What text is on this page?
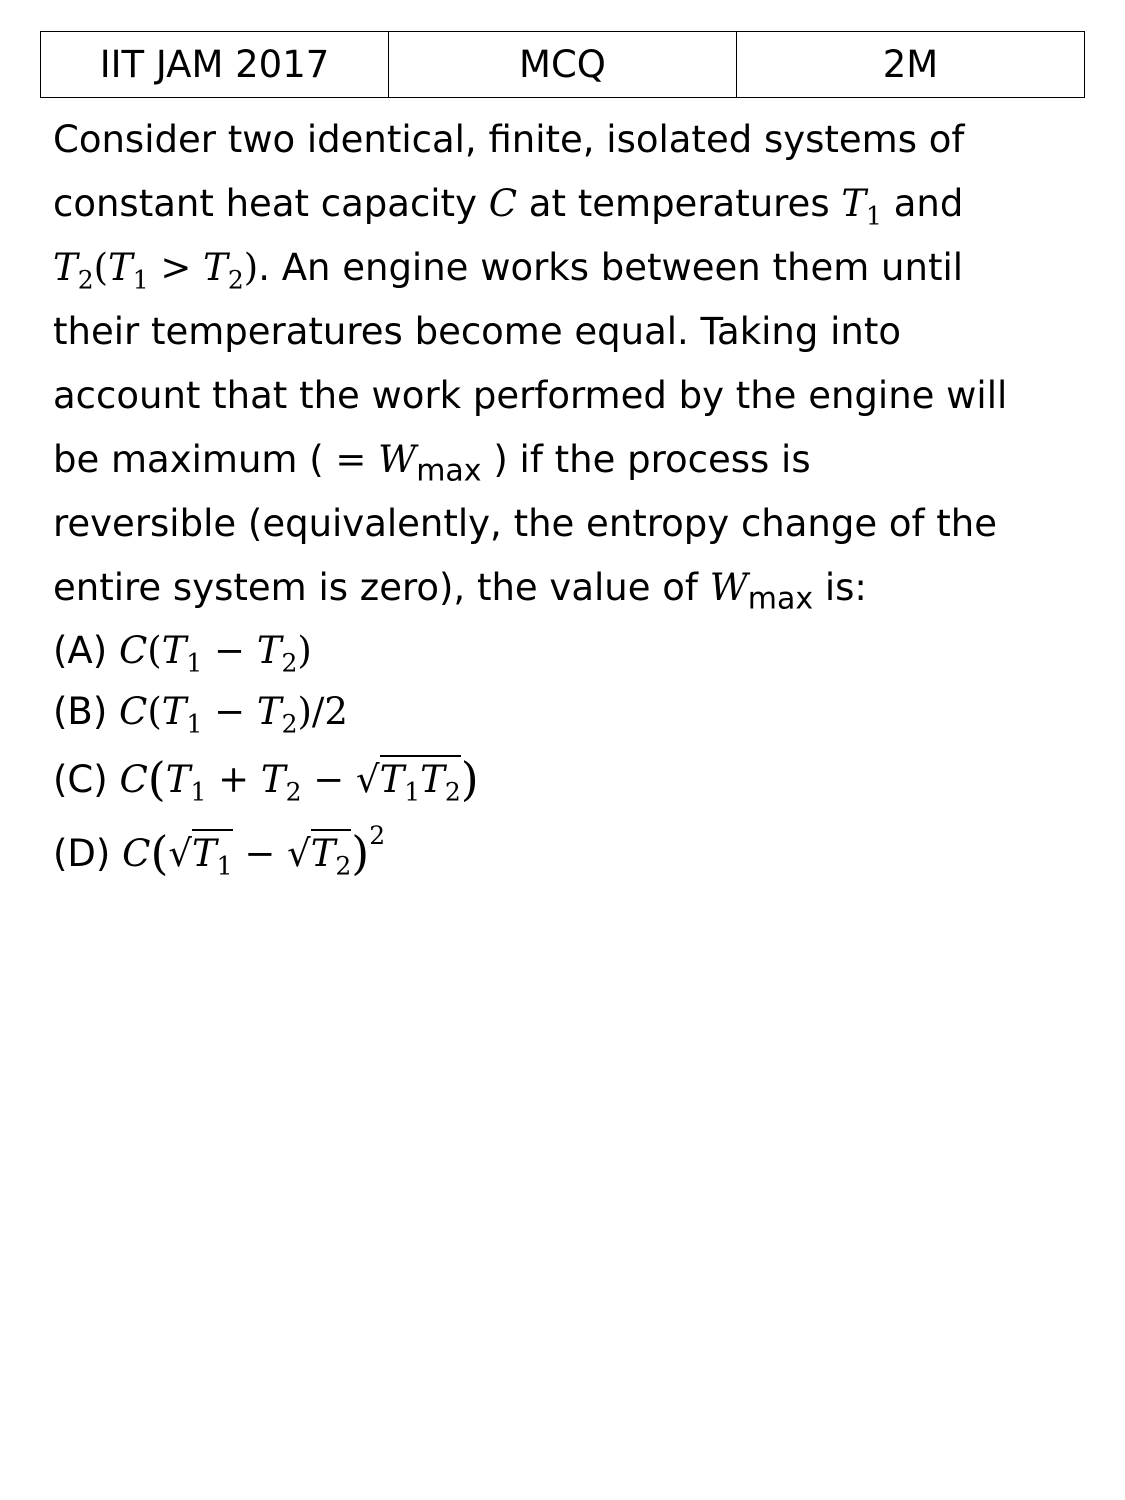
IIT JAM 2017	MCQ	2M
Consider two identical, finite, isolated systems of
constant heat capacity C at temperatures $T_1$ and
$T_2(T_1 > T_2)$. An engine works between them until
their temperatures become equal. Taking into
account that the work performed by the engine will
be maximum ( = $W_{max}$ ) if the process is
reversible (equivalently, the entropy change of the
entire system is zero), the value of $W_{max}$ is:
(A) $C(T_1 - T_2)$
(B) $C(T_1 - T_2)/2$
(C) $C(T_1 + T_2 - √T_1T_2)$
(D) $C(√T_1 - √T_2)^2$
